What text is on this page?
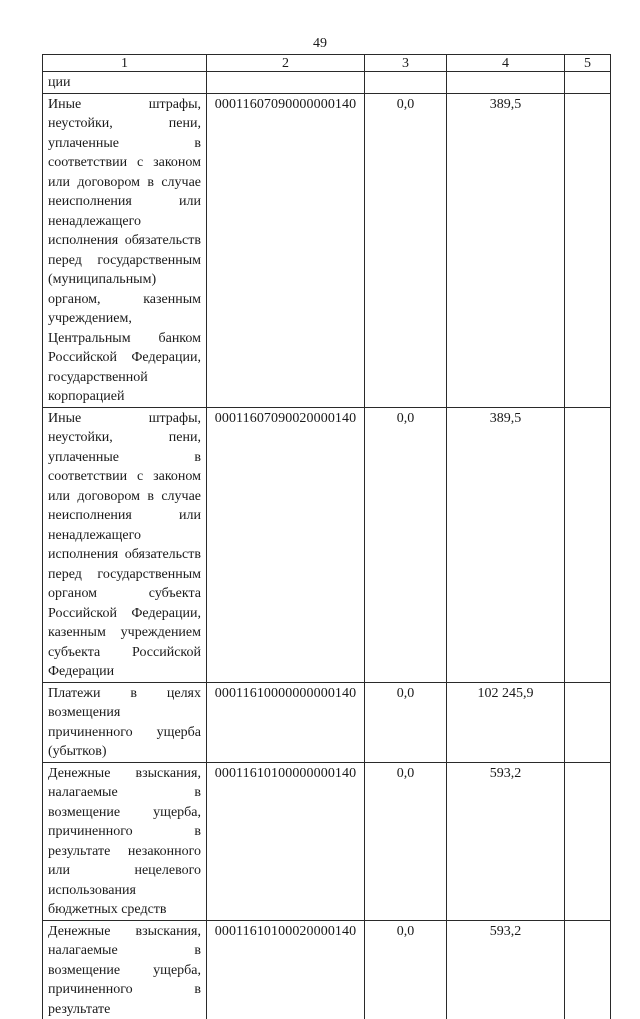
49
1	2	3	4	5
ции				
Иные штрафы, неустойки, пени, уплаченные в соответствии с законом или договором в случае неисполнения или ненадлежащего исполнения обязательств перед государственным (муниципальным) органом, казенным учреждением, Центральным банком Российской Федерации, государственной корпорацией	00011607090000000140	0,0	389,5	
Иные штрафы, неустойки, пени, уплаченные в соответствии с законом или договором в случае неисполнения или ненадлежащего исполнения обязательств перед государственным органом субъекта Российской Федерации, казенным учреждением субъекта Российской Федерации	00011607090020000140	0,0	389,5	
Платежи в целях возмещения причиненного ущерба (убытков)	00011610000000000140	0,0	102 245,9	
Денежные взыскания, налагаемые в возмещение ущерба, причиненного в результате незаконного или нецелевого использования бюджетных средств	00011610100000000140	0,0	593,2	
Денежные взыскания, налагаемые в возмещение ущерба, причиненного в результате	00011610100020000140	0,0	593,2	
